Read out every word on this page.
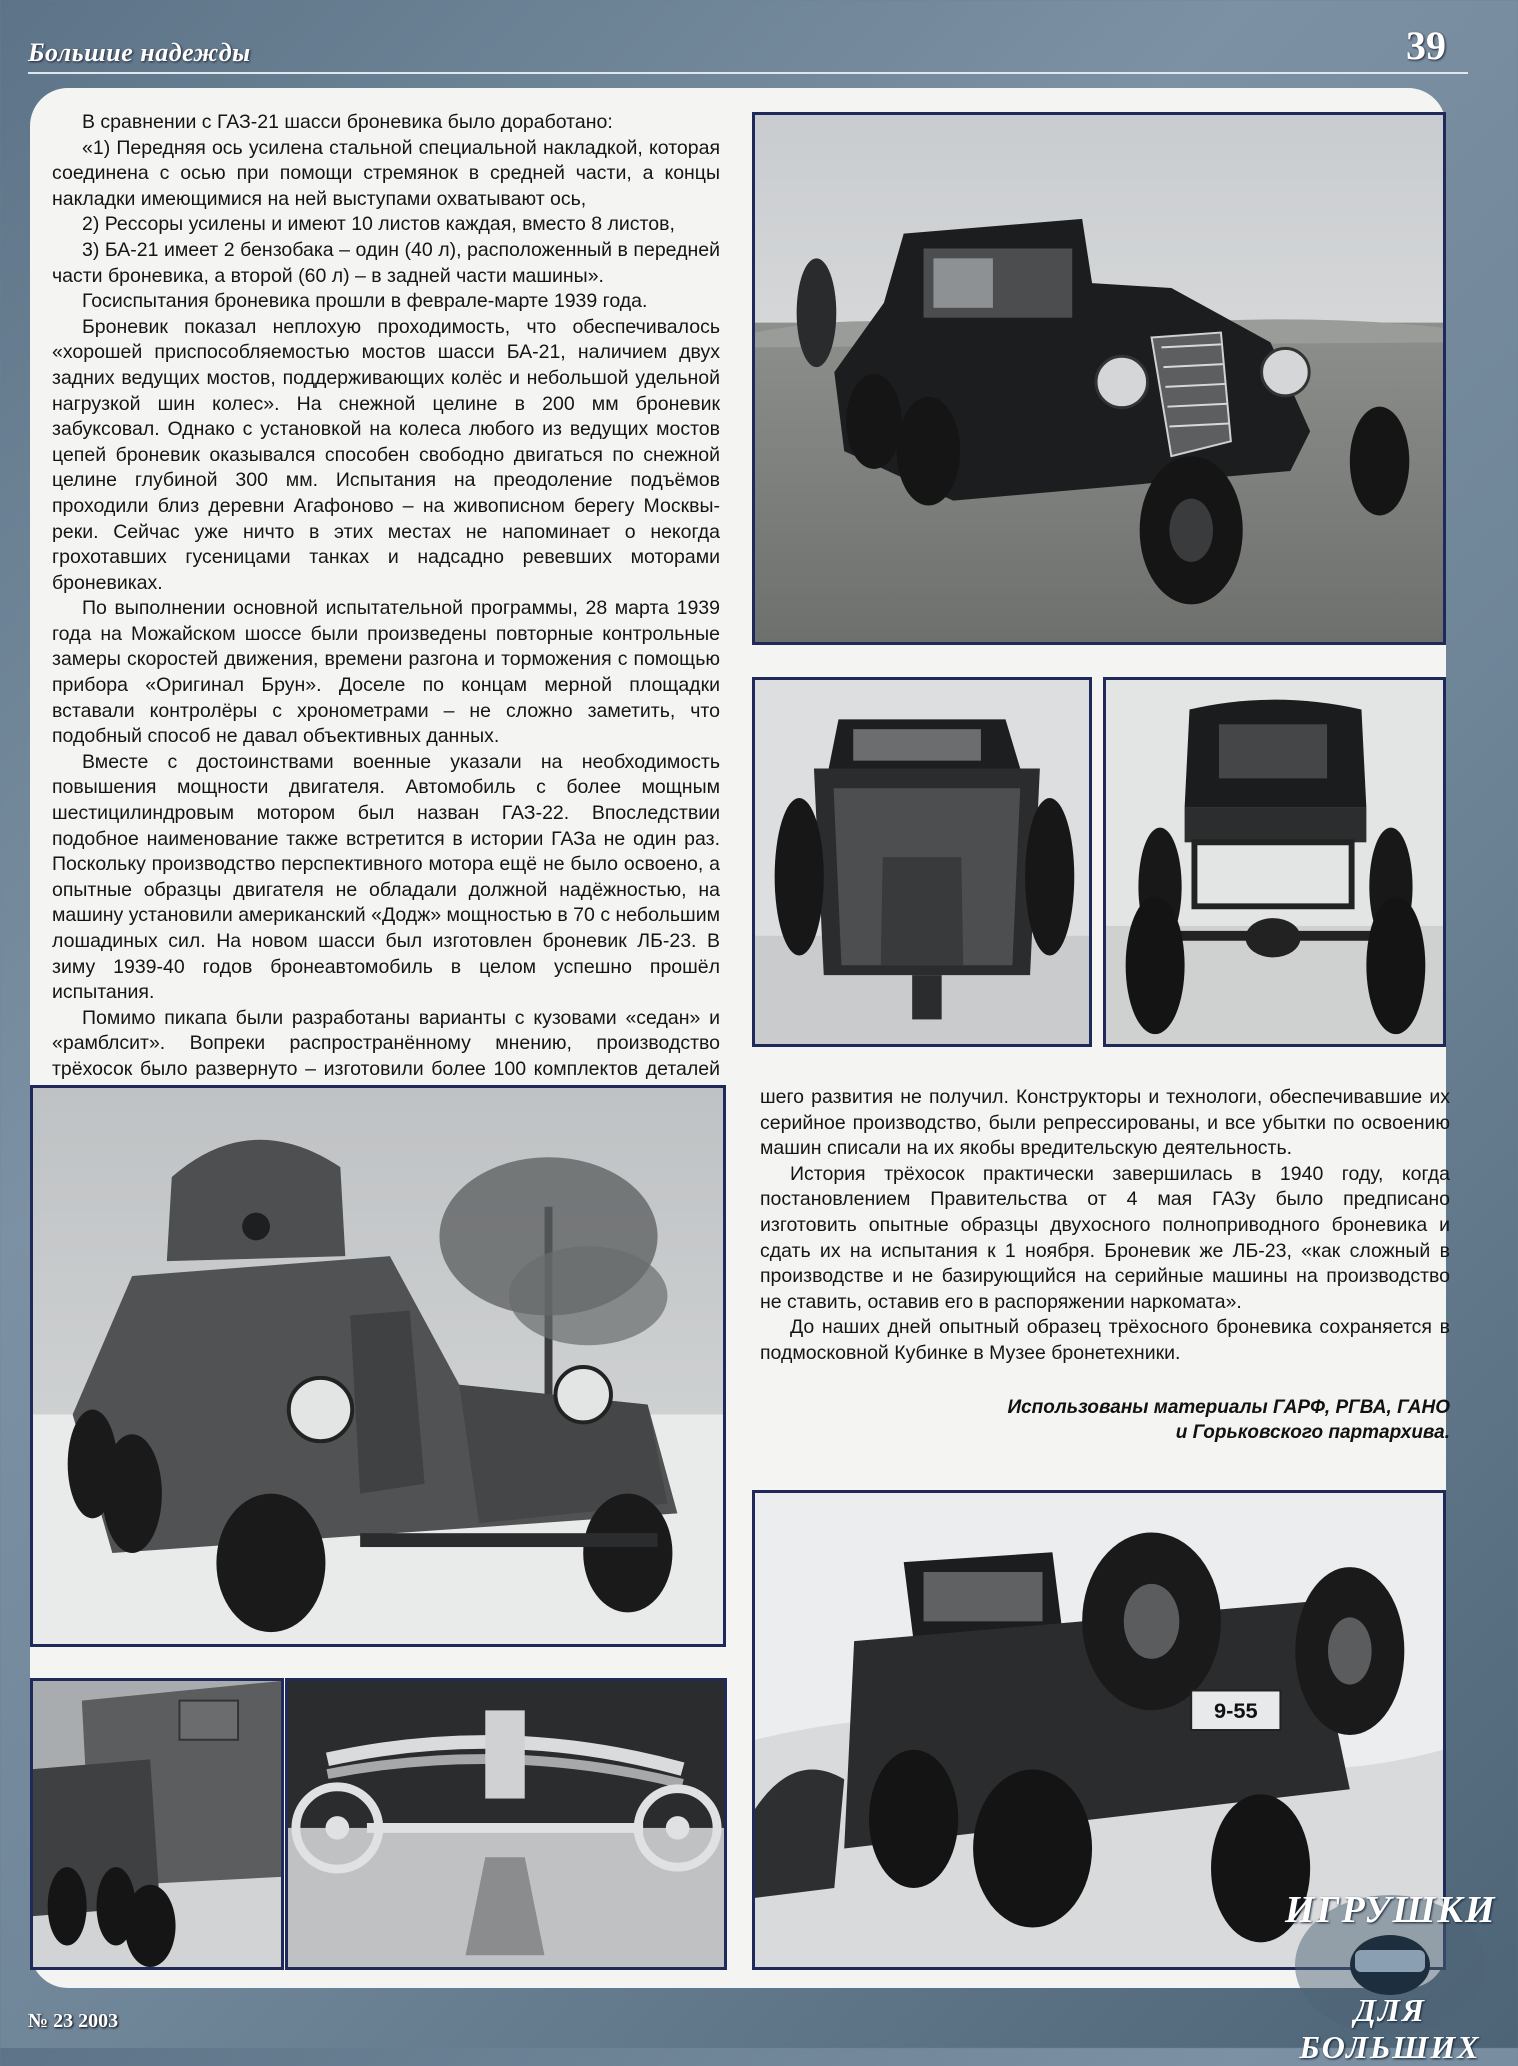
Большие надежды	39

В сравнении с ГАЗ-21 шасси броневика было доработано:

«1) Передняя ось усилена стальной специальной накладкой, которая соединена с осью при помощи стремянок в средней части, а концы накладки имеющимися на ней выступами охватывают ось,

2) Рессоры усилены и имеют 10 листов каждая, вместо 8 листов,

3) БА-21 имеет 2 бензобака – один (40 л), расположенный в передней части броневика, а второй (60 л) – в задней части машины».

Госиспытания броневика прошли в феврале-марте 1939 года.

Броневик показал неплохую проходимость, что обеспечивалось «хорошей приспособляемостью мостов шасси БА-21, наличием двух задних ведущих мостов, поддерживающих колёс и небольшой удельной нагрузкой шин колес». На снежной целине в 200 мм броневик забуксовал. Однако с установкой на колеса любого из ведущих мостов цепей броневик оказывался способен свободно двигаться по снежной целине глубиной 300 мм. Испытания на преодоление подъёмов проходили близ деревни Агафоново – на живописном берегу Москвы-реки. Сейчас уже ничто в этих местах не напоминает о некогда грохотавших гусеницами танках и надсадно ревевших моторами броневиках.

По выполнении основной испытательной программы, 28 марта 1939 года на Можайском шоссе были произведены повторные контрольные замеры скоростей движения, времени разгона и торможения с помощью прибора «Оригинал Брун». Доселе по концам мерной площадки вставали контролёры с хронометрами – не сложно заметить, что подобный способ не давал объективных данных.

Вместе с достоинствами военные указали на необходимость повышения мощности двигателя. Автомобиль с более мощным шестицилиндровым мотором был назван ГАЗ-22. Впоследствии подобное наименование также встретится в истории ГАЗа не один раз. Поскольку производство перспективного мотора ещё не было освоено, а опытные образцы двигателя не обладали должной надёжностью, на машину установили американский «Додж» мощностью в 70 с небольшим лошадиных сил. На новом шасси был изготовлен броневик ЛБ-23. В зиму 1939-40 годов бронеавтомобиль в целом успешно прошёл испытания.

Помимо пикапа были разработаны варианты с кузовами «седан» и «рамблсит». Вопреки распространённому мнению, производство трёхосок было развернуто – изготовили более 100 комплектов деталей

шего развития не получил. Конструкторы и технологи, обеспечивавшие их серийное производство, были репрессированы, и все убытки по освоению машин списали на их якобы вредительскую деятельность.

История трёхосок практически завершилась в 1940 году, когда постановлением Правительства от 4 мая ГАЗу было предписано изготовить опытные образцы двухосного полноприводного броневика и сдать их на испытания к 1 ноября. Броневик же ЛБ-23, «как сложный в производстве и не базирующийся на серийные машины на производство не ставить, оставив его в распоряжении наркомата».

До наших дней опытный образец трёхосного броневика сохраняется в подмосковной Кубинке в Музее бронетехники.

Использованы материалы ГАРФ, РГВА, ГАНО
и Горьковского партархива.
9-55
№ 23 2003
ИГРУШКИ
ДЛЯ БОЛЬШИХ
